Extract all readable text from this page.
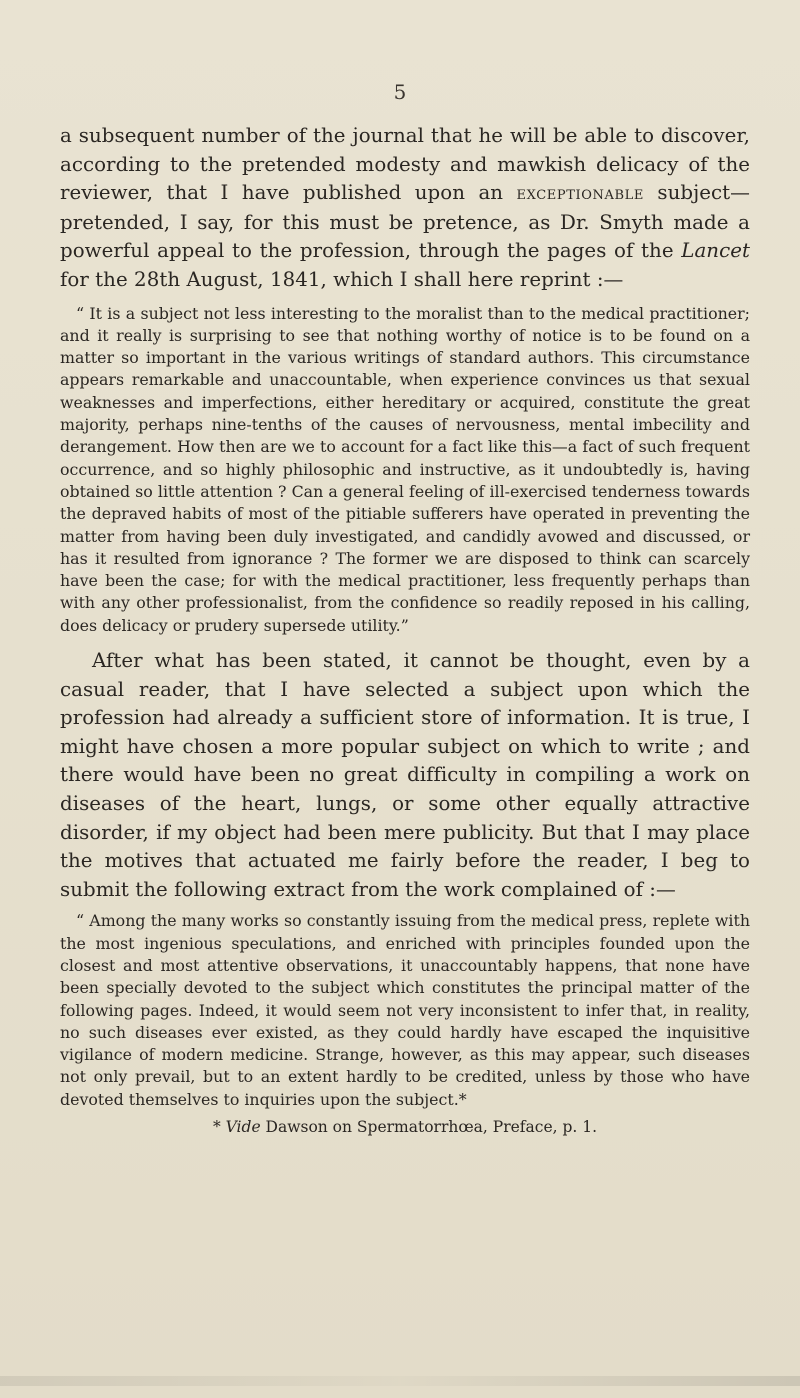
5

a subsequent number of the journal that he will be able to discover, according to the pretended modesty and mawkish delicacy of the reviewer, that I have published upon an exceptionable subject— pretended, I say, for this must be pretence, as Dr. Smyth made a powerful appeal to the profession, through the pages of the Lancet for the 28th August, 1841, which I shall here reprint :—

“ It is a subject not less interesting to the moralist than to the medical practitioner; and it really is surprising to see that nothing worthy of notice is to be found on a matter so important in the various writings of standard authors. This circumstance appears remarkable and unaccountable, when experience convinces us that sexual weaknesses and imperfections, either hereditary or acquired, constitute the great majority, perhaps nine-tenths of the causes of nervousness, mental imbecility and derangement. How then are we to account for a fact like this—a fact of such frequent occurrence, and so highly philosophic and instructive, as it undoubtedly is, having obtained so little attention ? Can a general feeling of ill-exercised tenderness towards the depraved habits of most of the pitiable sufferers have operated in preventing the matter from having been duly investigated, and candidly avowed and discussed, or has it resulted from ignorance ? The former we are disposed to think can scarcely have been the case; for with the medical practitioner, less frequently perhaps than with any other professionalist, from the confidence so readily reposed in his calling, does delicacy or prudery supersede utility.”

After what has been stated, it cannot be thought, even by a casual reader, that I have selected a subject upon which the profession had already a sufficient store of information. It is true, I might have chosen a more popular subject on which to write ; and there would have been no great difficulty in compiling a work on diseases of the heart, lungs, or some other equally attractive disorder, if my object had been mere publicity. But that I may place the motives that actuated me fairly before the reader, I beg to submit the following extract from the work complained of :—

“ Among the many works so constantly issuing from the medical press, replete with the most ingenious speculations, and enriched with principles founded upon the closest and most attentive observations, it unaccountably happens, that none have been specially devoted to the subject which constitutes the principal matter of the following pages. Indeed, it would seem not very inconsistent to infer that, in reality, no such diseases ever existed, as they could hardly have escaped the inquisitive vigilance of modern medicine. Strange, however, as this may appear, such diseases not only prevail, but to an extent hardly to be credited, unless by those who have devoted themselves to inquiries upon the subject.*

* Vide Dawson on Spermatorrhœa, Preface, p. 1.
